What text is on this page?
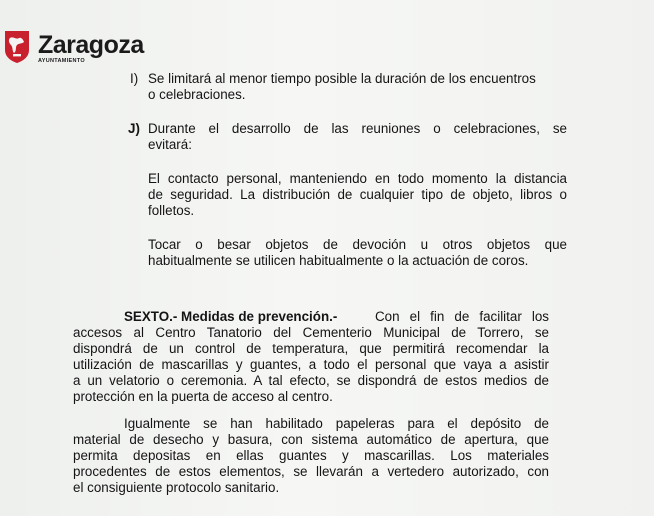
Zaragoza
AYUNTAMIENTO
I) Se limitará al menor tiempo posible la duración de los encuentros
o celebraciones.
J) Durante el desarrollo de las reuniones o celebraciones, se
evitará:
El contacto personal, manteniendo en todo momento la distancia
de seguridad. La distribución de cualquier tipo de objeto, libros o
folletos.
Tocar o besar objetos de devoción u otros objetos que
habitualmente se utilicen habitualmente o la actuación de coros.
SEXTO.- Medidas de prevención.-	Con el fin de facilitar los
accesos al Centro Tanatorio del Cementerio Municipal de Torrero, se
dispondrá de un control de temperatura, que permitirá recomendar la
utilización de mascarillas y guantes, a todo el personal que vaya a asistir
a un velatorio o ceremonia. A tal efecto, se dispondrá de estos medios de
protección en la puerta de acceso al centro.
Igualmente se han habilitado papeleras para el depósito de
material de desecho y basura, con sistema automático de apertura, que
permita depositas en ellas guantes y mascarillas. Los materiales
procedentes de estos elementos, se llevarán a vertedero autorizado, con
el consiguiente protocolo sanitario.
